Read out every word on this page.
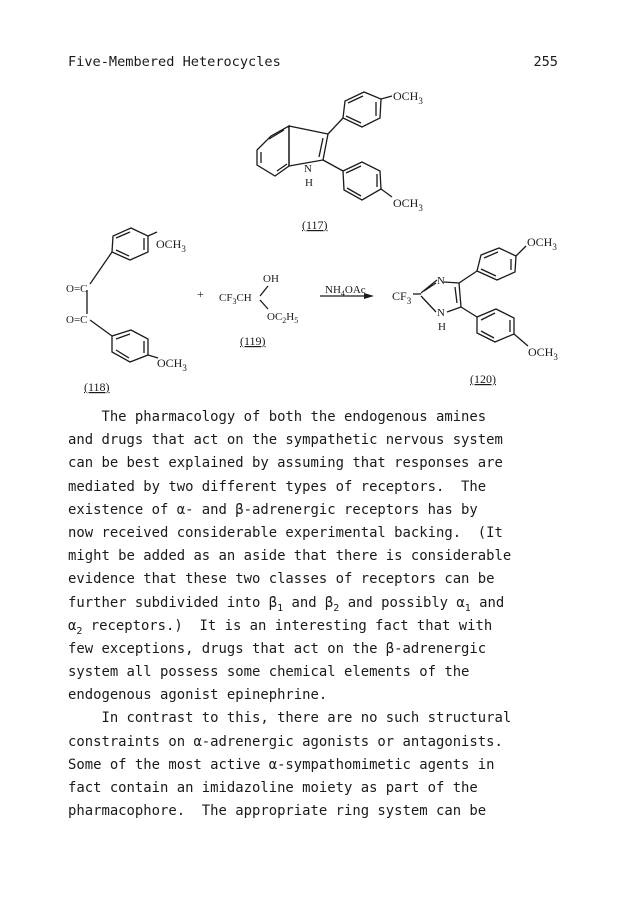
Five-Membered Heterocycles	255
$OCH_3$
$OCH_3$
N
H
(117)
$OCH_3$
O=C
O=C
$OCH_3$
(118)
+
OH
$CF_3CH$
$OC_2H_5$
(119)
$NH_4OAc$
$OCH_3$
$OCH_3$
$CF_3$
N
N
H
(120)
The pharmacology of both the endogenous amines
and drugs that act on the sympathetic nervous system
can be best explained by assuming that responses are
mediated by two different types of receptors.  The
existence of α- and β-adrenergic receptors has by
now received considerable experimental backing.  (It
might be added as an aside that there is considerable
evidence that these two classes of receptors can be
further subdivided into $\beta_1$ and $\beta_2$ and possibly $\alpha_1$ and
$\alpha_2$ receptors.)  It is an interesting fact that with
few exceptions, drugs that act on the β-adrenergic
system all possess some chemical elements of the
endogenous agonist epinephrine.
In contrast to this, there are no such structural
constraints on α-adrenergic agonists or antagonists.
Some of the most active α-sympathomimetic agents in
fact contain an imidazoline moiety as part of the
pharmacophore.  The appropriate ring system can be
